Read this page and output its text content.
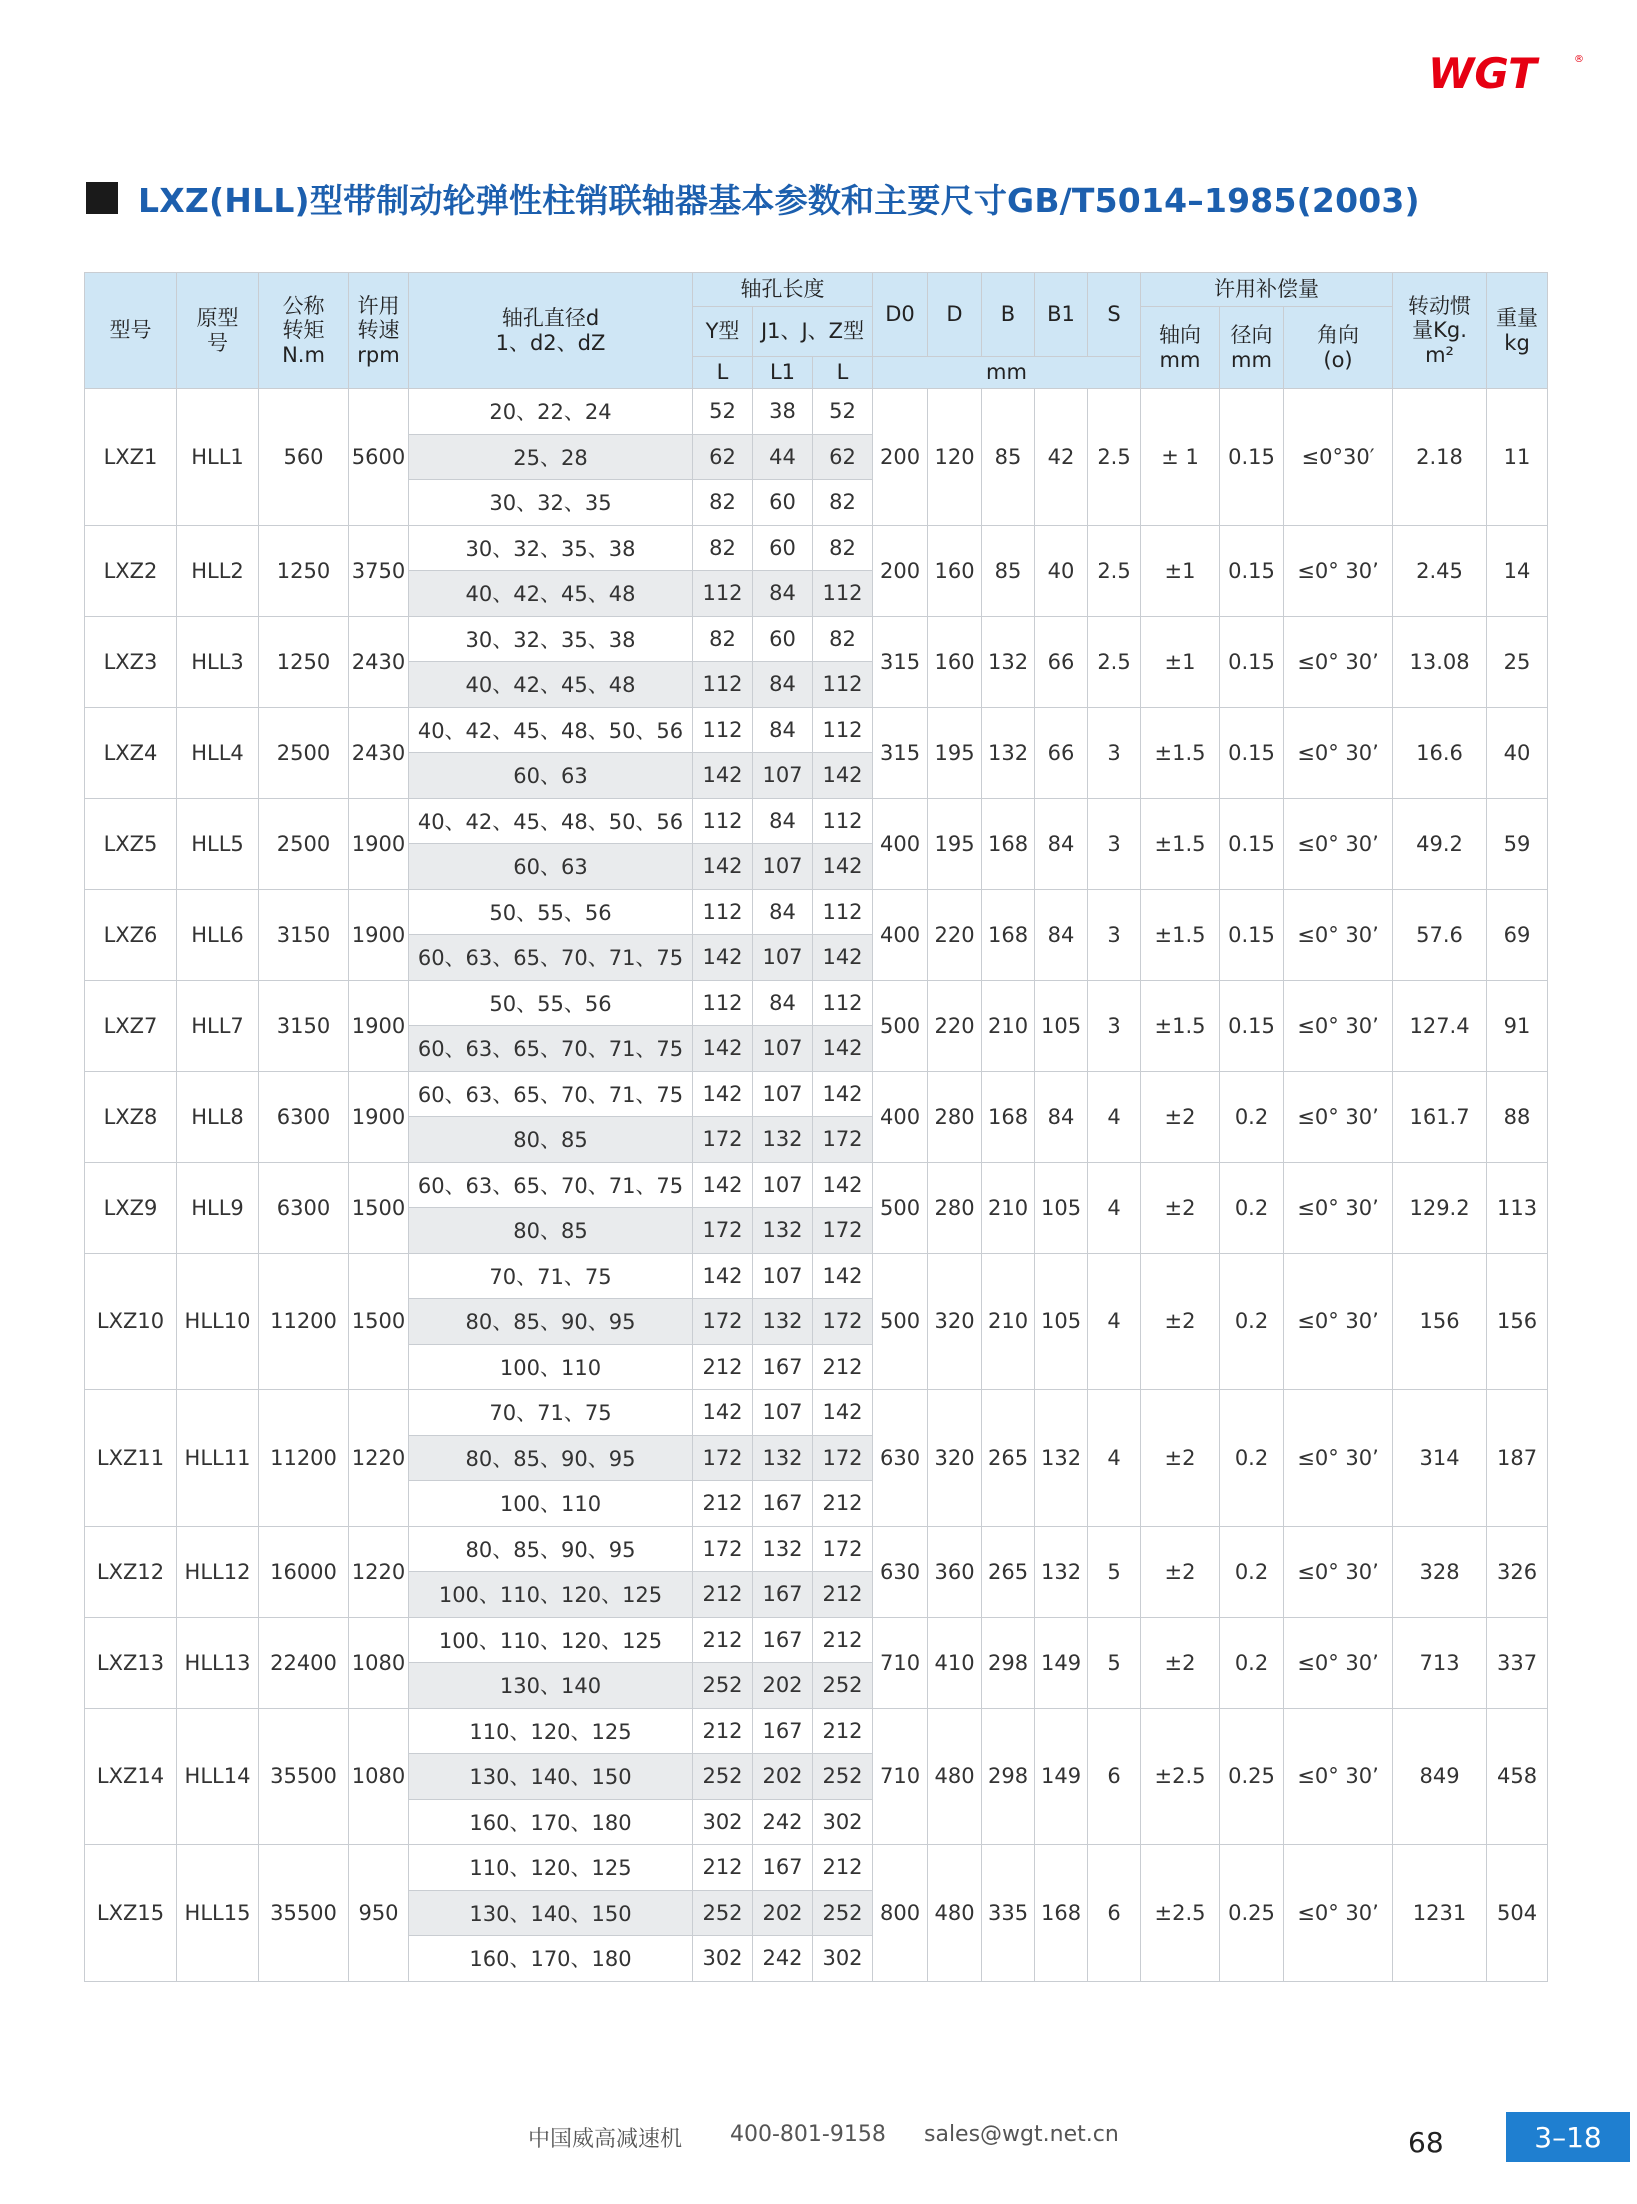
WGT	®
LXZ(HLL)型带制动轮弹性柱销联轴器基本参数和主要尺寸GB/T5014–1985(2003)
型号	原型号	公称转矩N.m	许用转速rpm	轴孔直径d1、d2、dZ	轴孔长度			D0	D	B	B1	S	许用补偿量			转动惯量Kg.m²	重量kg
					Y型	J1、J、Z型							轴向mm	径向mm	角向(o)		
					L	L1	L	mm									
LXZ1	HLL1	560	5600	20、22、24	52	38	52	200	120	85	42	2.5	± 1	0.15	≤0°30′	2.18	11
				25、28	62	44	62										
				30、32、35	82	60	82										
LXZ2	HLL2	1250	3750	30、32、35、38	82	60	82	200	160	85	40	2.5	±1	0.15	≤0° 30’	2.45	14
				40、42、45、48	112	84	112										
LXZ3	HLL3	1250	2430	30、32、35、38	82	60	82	315	160	132	66	2.5	±1	0.15	≤0° 30’	13.08	25
				40、42、45、48	112	84	112										
LXZ4	HLL4	2500	2430	40、42、45、48、50、56	112	84	112	315	195	132	66	3	±1.5	0.15	≤0° 30’	16.6	40
				60、63	142	107	142										
LXZ5	HLL5	2500	1900	40、42、45、48、50、56	112	84	112	400	195	168	84	3	±1.5	0.15	≤0° 30’	49.2	59
				60、63	142	107	142										
LXZ6	HLL6	3150	1900	50、55、56	112	84	112	400	220	168	84	3	±1.5	0.15	≤0° 30’	57.6	69
				60、63、65、70、71、75	142	107	142										
LXZ7	HLL7	3150	1900	50、55、56	112	84	112	500	220	210	105	3	±1.5	0.15	≤0° 30’	127.4	91
				60、63、65、70、71、75	142	107	142										
LXZ8	HLL8	6300	1900	60、63、65、70、71、75	142	107	142	400	280	168	84	4	±2	0.2	≤0° 30’	161.7	88
				80、85	172	132	172										
LXZ9	HLL9	6300	1500	60、63、65、70、71、75	142	107	142	500	280	210	105	4	±2	0.2	≤0° 30’	129.2	113
				80、85	172	132	172										
LXZ10	HLL10	11200	1500	70、71、75	142	107	142	500	320	210	105	4	±2	0.2	≤0° 30’	156	156
				80、85、90、95	172	132	172										
				100、110	212	167	212										
LXZ11	HLL11	11200	1220	70、71、75	142	107	142	630	320	265	132	4	±2	0.2	≤0° 30’	314	187
				80、85、90、95	172	132	172										
				100、110	212	167	212										
LXZ12	HLL12	16000	1220	80、85、90、95	172	132	172	630	360	265	132	5	±2	0.2	≤0° 30’	328	326
				100、110、120、125	212	167	212										
LXZ13	HLL13	22400	1080	100、110、120、125	212	167	212	710	410	298	149	5	±2	0.2	≤0° 30’	713	337
				130、140	252	202	252										
LXZ14	HLL14	35500	1080	110、120、125	212	167	212	710	480	298	149	6	±2.5	0.25	≤0° 30’	849	458
				130、140、150	252	202	252										
				160、170、180	302	242	302										
LXZ15	HLL15	35500	950	110、120、125	212	167	212	800	480	335	168	6	±2.5	0.25	≤0° 30’	1231	504
				130、140、150	252	202	252										
				160、170、180	302	242	302										
中国威高减速机 400-801-9158 sales@wgt.net.cn	68	3–18
